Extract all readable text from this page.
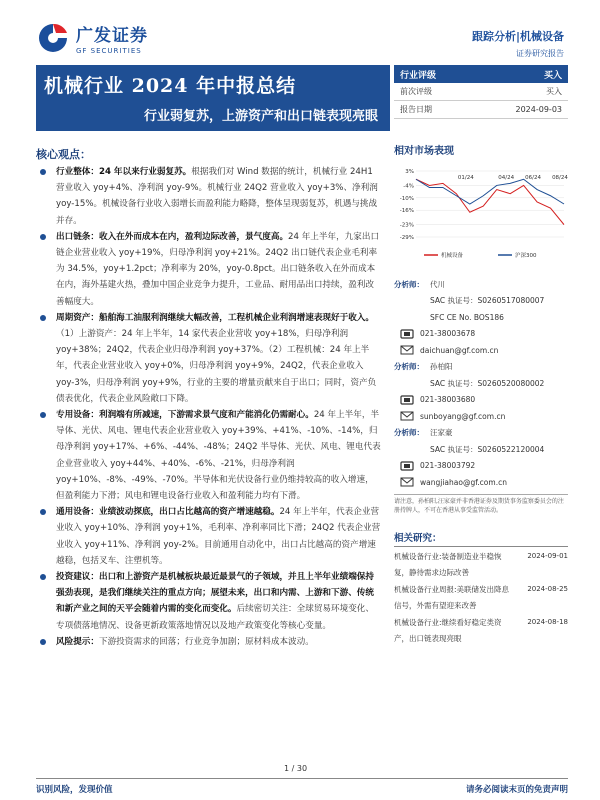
广发证券
GF SECURITIES
跟踪分析|机械设备
证券研究报告
机械行业 2024 年中报总结
行业弱复苏，上游资产和出口链表现亮眼
行业评级	买入
前次评级	买入
报告日期	2024-09-03
核心观点：
行业整体：24 年以来行业弱复苏。根据我们对 Wind 数据的统计，机械行业 24H1 营业收入 yoy+4%、净利润 yoy-9%。机械行业 24Q2 营业收入 yoy+3%、净利润 yoy-15%。机械设备行业收入弱增长而盈利能力略降，整体呈现弱复苏，机遇与挑战并存。
出口链条：收入在外而成本在内，盈利边际改善，景气度高。24 年上半年，九家出口链企业营业收入 yoy+19%，归母净利润 yoy+21%。24Q2 出口链代表企业毛利率为 34.5%，yoy+1.2pct；净利率为 20%，yoy-0.8pct。出口链条收入在外而成本在内，海外基建火热，叠加中国企业竞争力提升，工业品、耐用品出口持续，盈利改善幅度大。
周期资产：船舶海工油服利润继续大幅改善，工程机械企业利润增速表现好于收入。（1）上游资产：24 年上半年，14 家代表企业营收 yoy+18%，归母净利润 yoy+38%；24Q2，代表企业归母净利润 yoy+37%。（2）工程机械：24 年上半年，代表企业营业收入 yoy+0%，归母净利润 yoy+9%，24Q2，代表企业收入 yoy-3%，归母净利润 yoy+9%，行业的主要的增量贡献来自于出口；同时，资产负债表优化，代表企业风险敞口下降。
专用设备：利润端有所减速，下游需求景气度和产能消化仍需耐心。24 年上半年，半导体、光伏、风电、锂电代表企业营业收入 yoy+39%、+41%、-10%、-14%，归母净利润 yoy+17%、+6%、-44%、-48%；24Q2 半导体、光伏、风电、锂电代表企业营业收入 yoy+44%、+40%、-6%、-21%，归母净利润 yoy+10%、-8%、-49%、-70%。半导体和光伏设备行业仍维持较高的收入增速，但盈利能力下滑；风电和锂电设备行业收入和盈利能力均有下滑。
通用设备：业绩波动探底，出口占比越高的资产增速越稳。24 年上半年，代表企业营业收入 yoy+10%、净利润 yoy+1%，毛利率、净利率同比下滑；24Q2 代表企业营业收入 yoy+11%、净利润 yoy-2%。目前通用自动化中，出口占比越高的资产增速越稳，包括叉车、注塑机等。
投资建议：出口和上游资产是机械板块最近最景气的子领域，并且上半年业绩端保持强劲表现，是我们继续关注的重点方向；展望未来，出口和内需、上游和下游、传统和新产业之间的天平会随着内需的变化而变化。后续密切关注：全球贸易环境变化、专项债落地情况、设备更新政策落地情况以及地产政策变化等核心变量。
风险提示：下游投资需求的回落；行业竞争加剧；原材料成本波动。
相对市场表现
3%
-4%
-10%
-16%
-23%
-29%
01/24	04/24 06/24 08/24
机械设备	沪深300
分析师： 代川
SAC 执证号：S0260517080007
SFC CE No. BOS186
021-38003678
daichuan@gf.com.cn
分析师： 孙柏阳
SAC 执证号：S0260520080002
021-38003680
sunboyang@gf.com.cn
分析师： 汪家豪
SAC 执证号：S0260522120004
021-38003792
wangjiahao@gf.com.cn
请注意，孙柏阳,汪家豪并非香港证券及期货事务监察委员会的注册持牌人，不可在香港从事受监管活动。
相关研究：
机械设备行业:装备制造业半稳恢复，静待需求边际改善
2024-09-01
机械设备行业周报:美联储发出降息信号，外需有望迎来改善
2024-08-25
机械设备行业:继续看好稳定类资产，出口链表现亮眼
2024-08-18
1 / 30
识别风险，发现价值	请务必阅读末页的免责声明
